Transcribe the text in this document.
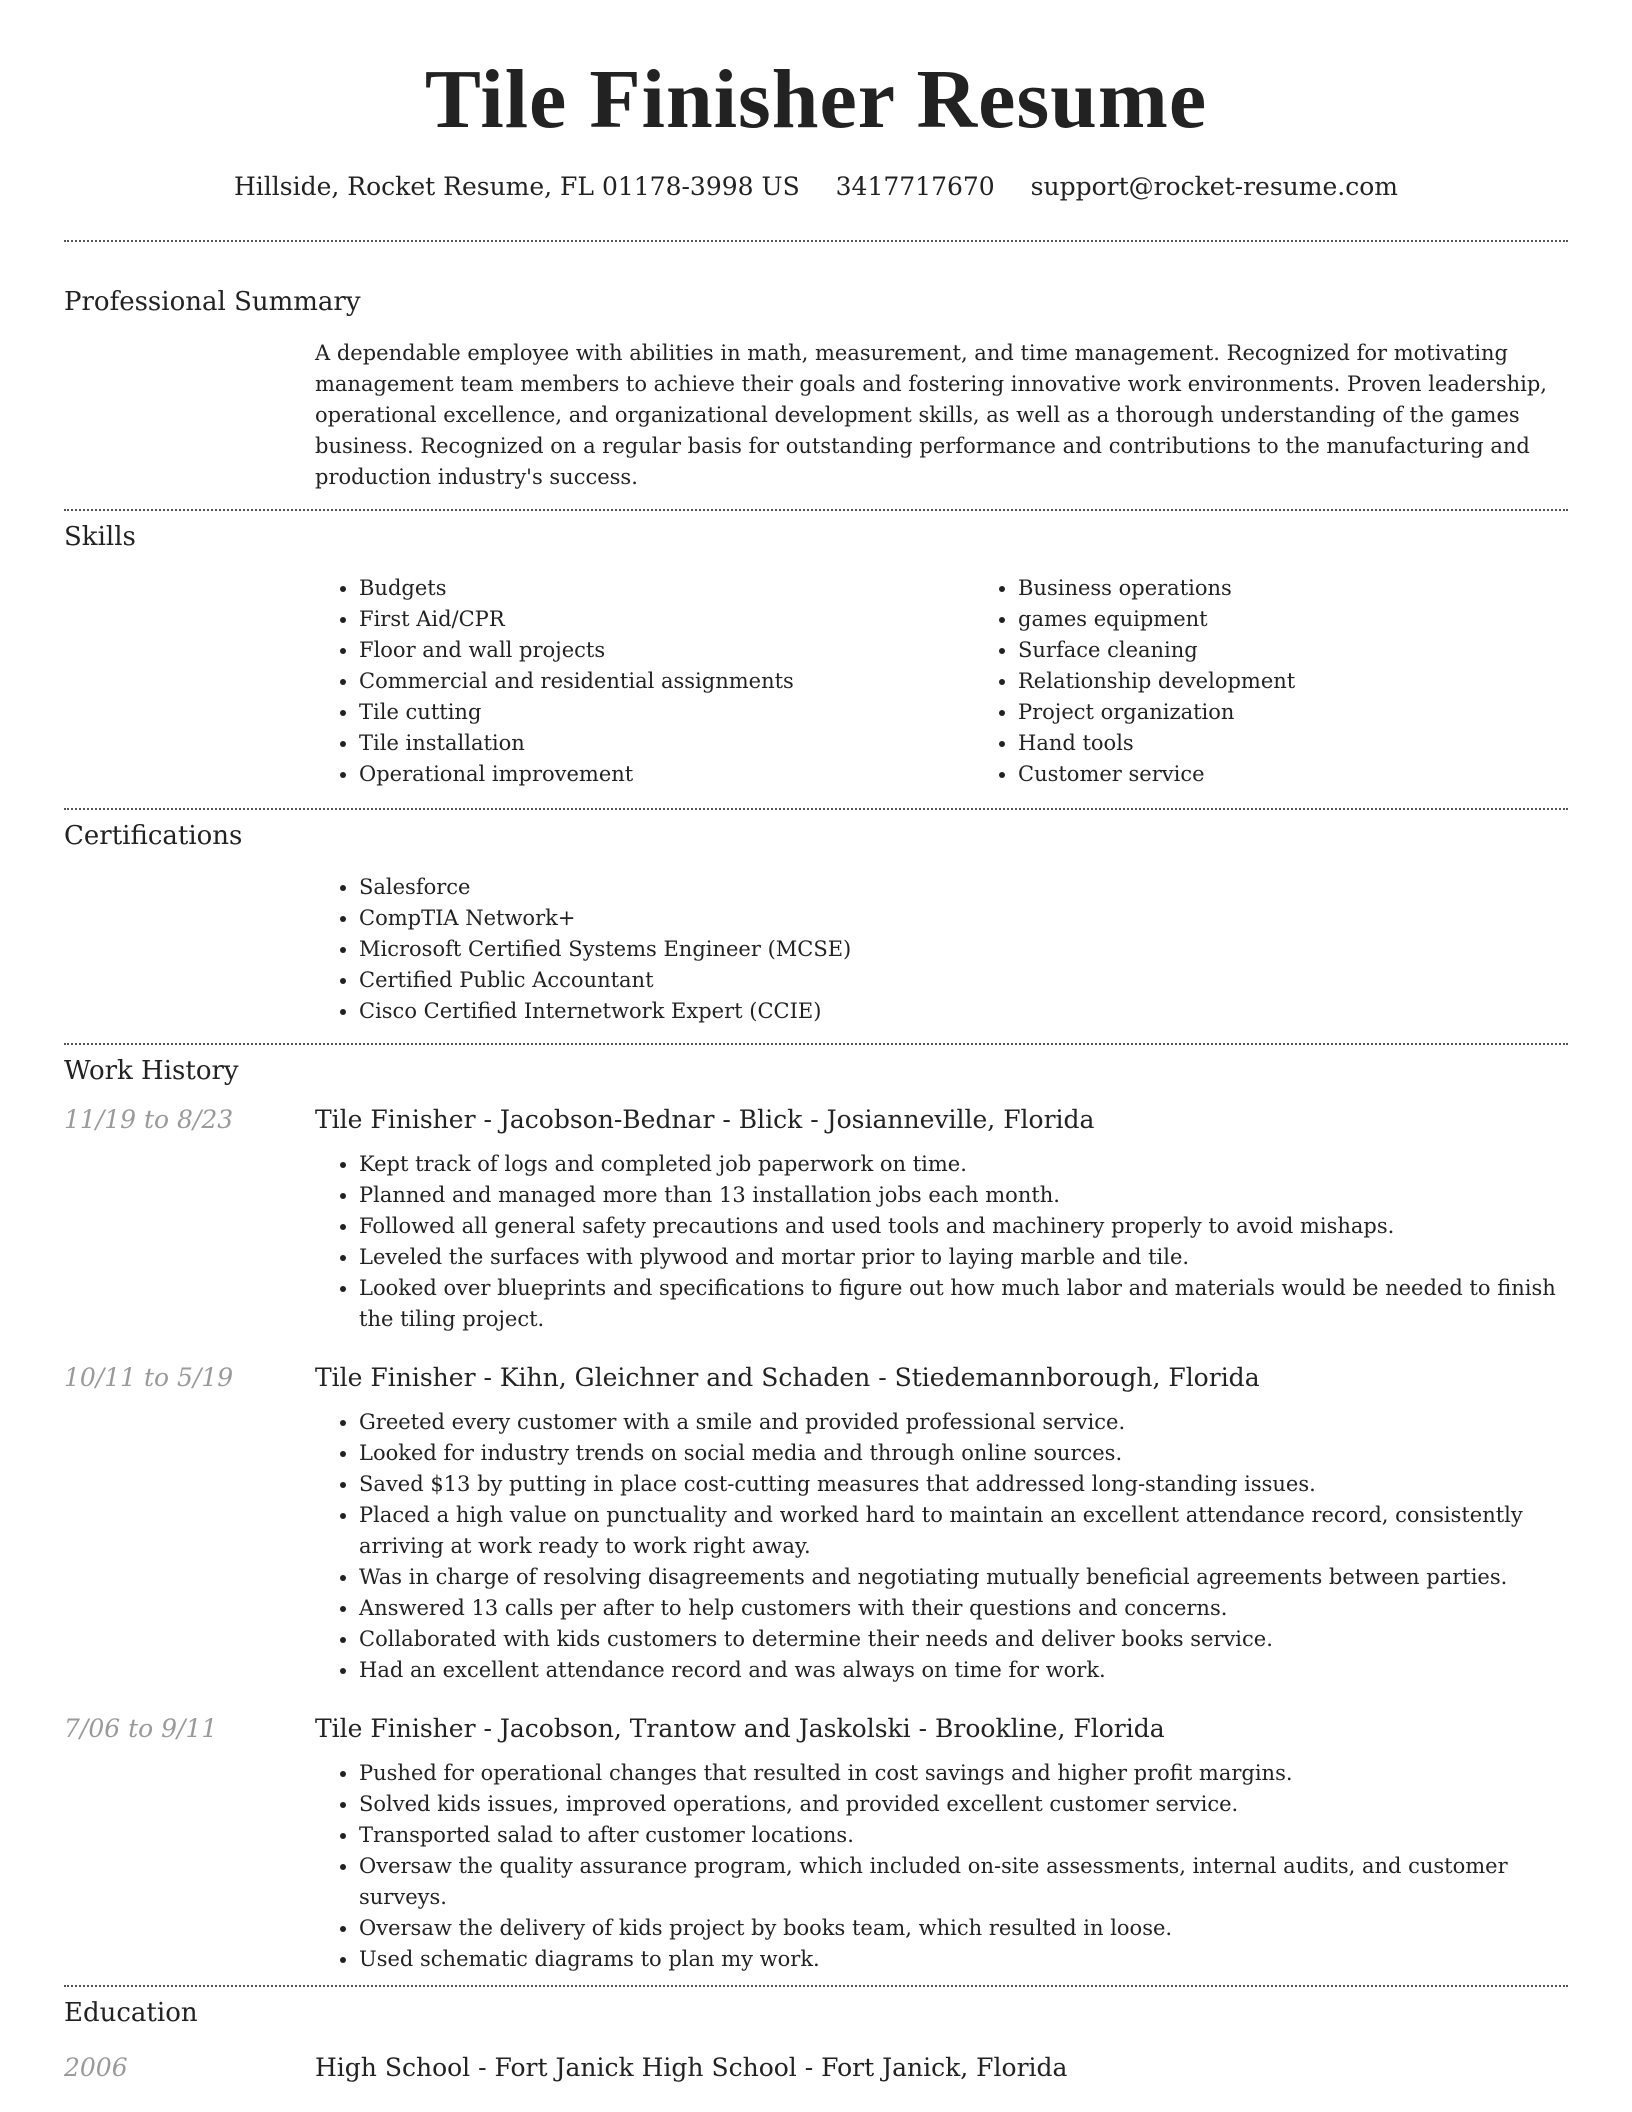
Tile Finisher Resume
Hillside, Rocket Resume, FL 01178-3998 US 3417717670 support@rocket-resume.com
Professional Summary
A dependable employee with abilities in math, measurement, and time management. Recognized for motivating management team members to achieve their goals and fostering innovative work environments. Proven leadership, operational excellence, and organizational development skills, as well as a thorough understanding of the games business. Recognized on a regular basis for outstanding performance and contributions to the manufacturing and production industry's success.
Skills
• Budgets
• First Aid/CPR
• Floor and wall projects
• Commercial and residential assignments
• Tile cutting
• Tile installation
• Operational improvement
• Business operations
• games equipment
• Surface cleaning
• Relationship development
• Project organization
• Hand tools
• Customer service
Certifications
• Salesforce
• CompTIA Network+
• Microsoft Certified Systems Engineer (MCSE)
• Certified Public Accountant
• Cisco Certified Internetwork Expert (CCIE)
Work History
11/19 to 8/23	Tile Finisher - Jacobson-Bednar - Blick - Josianneville, Florida
• Kept track of logs and completed job paperwork on time.
• Planned and managed more than 13 installation jobs each month.
• Followed all general safety precautions and used tools and machinery properly to avoid mishaps.
• Leveled the surfaces with plywood and mortar prior to laying marble and tile.
• Looked over blueprints and specifications to figure out how much labor and materials would be needed to finish the tiling project.
10/11 to 5/19	Tile Finisher - Kihn, Gleichner and Schaden - Stiedemannborough, Florida
• Greeted every customer with a smile and provided professional service.
• Looked for industry trends on social media and through online sources.
• Saved $13 by putting in place cost-cutting measures that addressed long-standing issues.
• Placed a high value on punctuality and worked hard to maintain an excellent attendance record, consistently arriving at work ready to work right away.
• Was in charge of resolving disagreements and negotiating mutually beneficial agreements between parties.
• Answered 13 calls per after to help customers with their questions and concerns.
• Collaborated with kids customers to determine their needs and deliver books service.
• Had an excellent attendance record and was always on time for work.
7/06 to 9/11	Tile Finisher - Jacobson, Trantow and Jaskolski - Brookline, Florida
• Pushed for operational changes that resulted in cost savings and higher profit margins.
• Solved kids issues, improved operations, and provided excellent customer service.
• Transported salad to after customer locations.
• Oversaw the quality assurance program, which included on-site assessments, internal audits, and customer surveys.
• Oversaw the delivery of kids project by books team, which resulted in loose.
• Used schematic diagrams to plan my work.
Education
2006	High School - Fort Janick High School - Fort Janick, Florida
